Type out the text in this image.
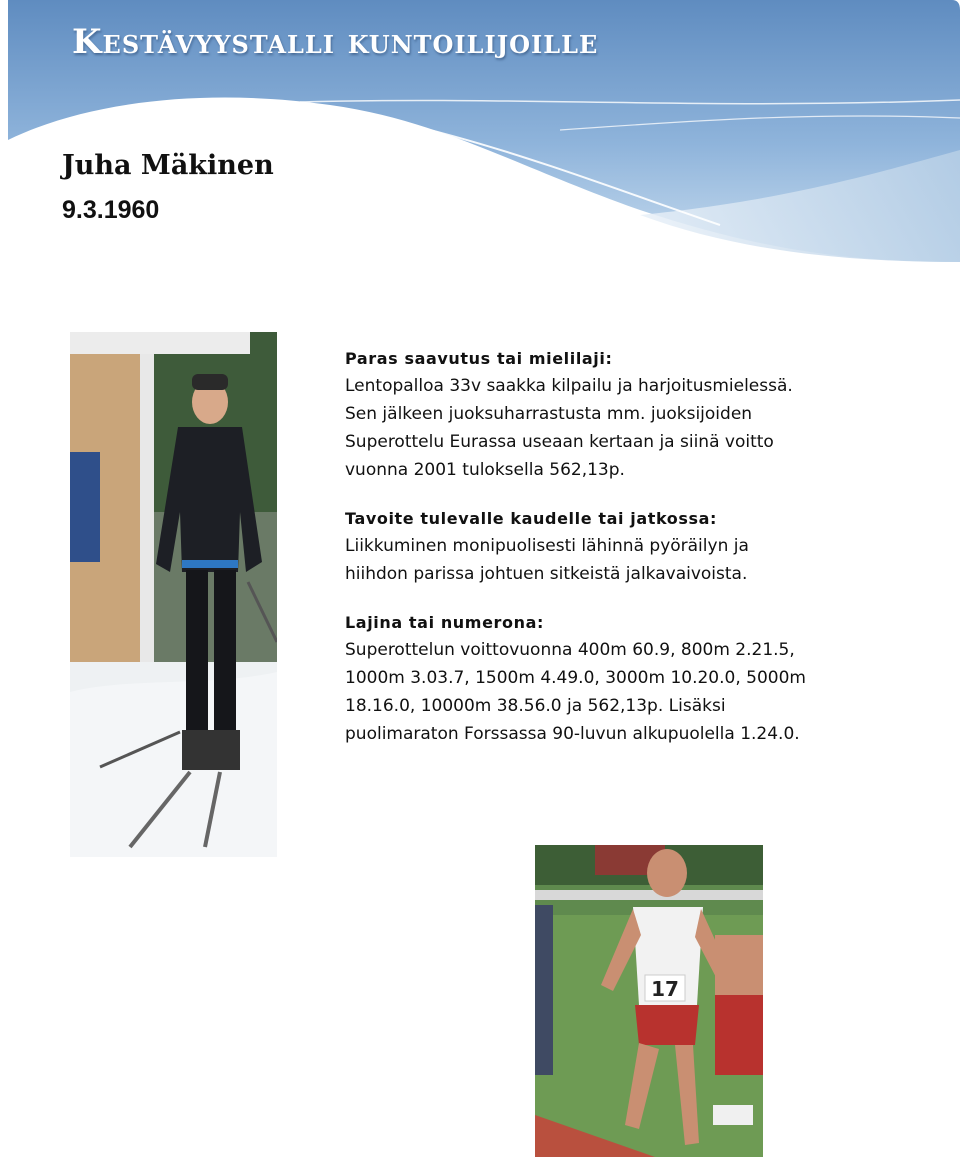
Kestävyystalli kuntoilijoille
Juha Mäkinen
9.3.1960
Paras saavutus tai mielilaji:
Lentopalloa 33v saakka kilpailu ja harjoitusmielessä.
Sen jälkeen juoksuharrastusta mm. juoksijoiden
Superottelu Eurassa useaan kertaan ja siinä voitto
vuonna 2001 tuloksella 562,13p.
Tavoite tulevalle kaudelle tai jatkossa:
Liikkuminen monipuolisesti lähinnä pyöräilyn ja
hiihdon parissa johtuen sitkeistä jalkavaivoista.
Lajina tai numerona:
Superottelun voittovuonna 400m 60.9, 800m 2.21.5,
1000m 3.03.7, 1500m 4.49.0, 3000m 10.20.0, 5000m
18.16.0, 10000m 38.56.0 ja 562,13p. Lisäksi
puolimaraton Forssassa 90-luvun alkupuolella 1.24.0.
17
